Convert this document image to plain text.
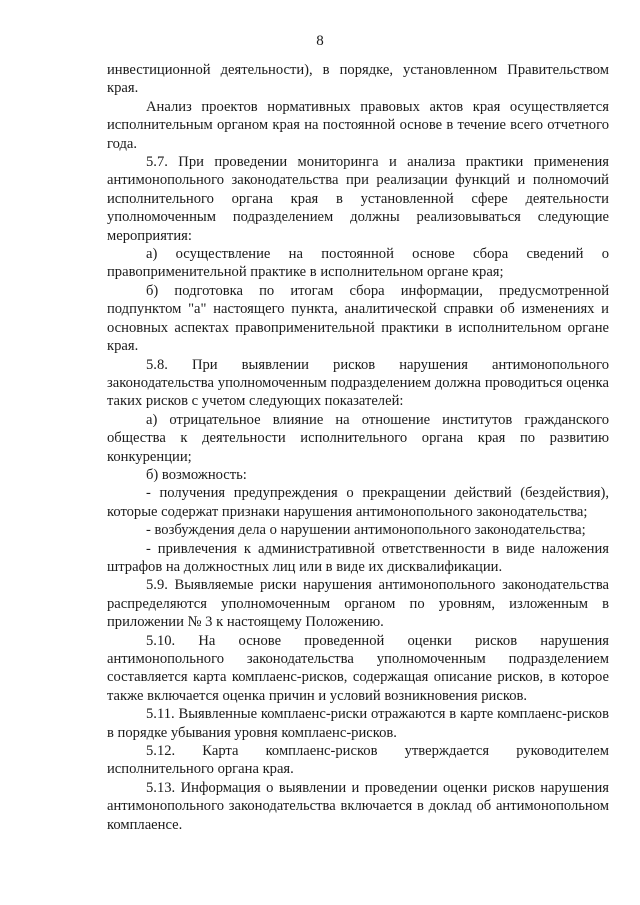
8

инвестиционной деятельности), в порядке, установленном Правительством края.

Анализ проектов нормативных правовых актов края осуществляется исполнительным органом края на постоянной основе в течение всего отчетного года.

5.7. При проведении мониторинга и анализа практики применения антимонопольного законодательства при реализации функций и полномочий исполнительного органа края в установленной сфере деятельности уполномоченным подразделением должны реализовываться следующие мероприятия:

а) осуществление на постоянной основе сбора сведений о правоприменительной практике в исполнительном органе края;

б) подготовка по итогам сбора информации, предусмотренной подпунктом "а" настоящего пункта, аналитической справки об изменениях и основных аспектах правоприменительной практики в исполнительном органе края.

5.8. При выявлении рисков нарушения антимонопольного законодательства уполномоченным подразделением должна проводиться оценка таких рисков с учетом следующих показателей:

а) отрицательное влияние на отношение институтов гражданского общества к деятельности исполнительного органа края по развитию конкуренции;

б) возможность:

- получения предупреждения о прекращении действий (бездействия), которые содержат признаки нарушения антимонопольного законодательства;

- возбуждения дела о нарушении антимонопольного законодательства;

- привлечения к административной ответственности в виде наложения штрафов на должностных лиц или в виде их дисквалификации.

5.9. Выявляемые риски нарушения антимонопольного законодательства распределяются уполномоченным органом по уровням, изложенным в приложении № 3 к настоящему Положению.

5.10. На основе проведенной оценки рисков нарушения антимонопольного законодательства уполномоченным подразделением составляется карта комплаенс-рисков, содержащая описание рисков, в которое также включается оценка причин и условий возникновения рисков.

5.11. Выявленные комплаенс-риски отражаются в карте комплаенс-рисков в порядке убывания уровня комплаенс-рисков.

5.12. Карта комплаенс-рисков утверждается руководителем исполнительного органа края.

5.13. Информация о выявлении и проведении оценки рисков нарушения антимонопольного законодательства включается в доклад об антимонопольном комплаенсе.
